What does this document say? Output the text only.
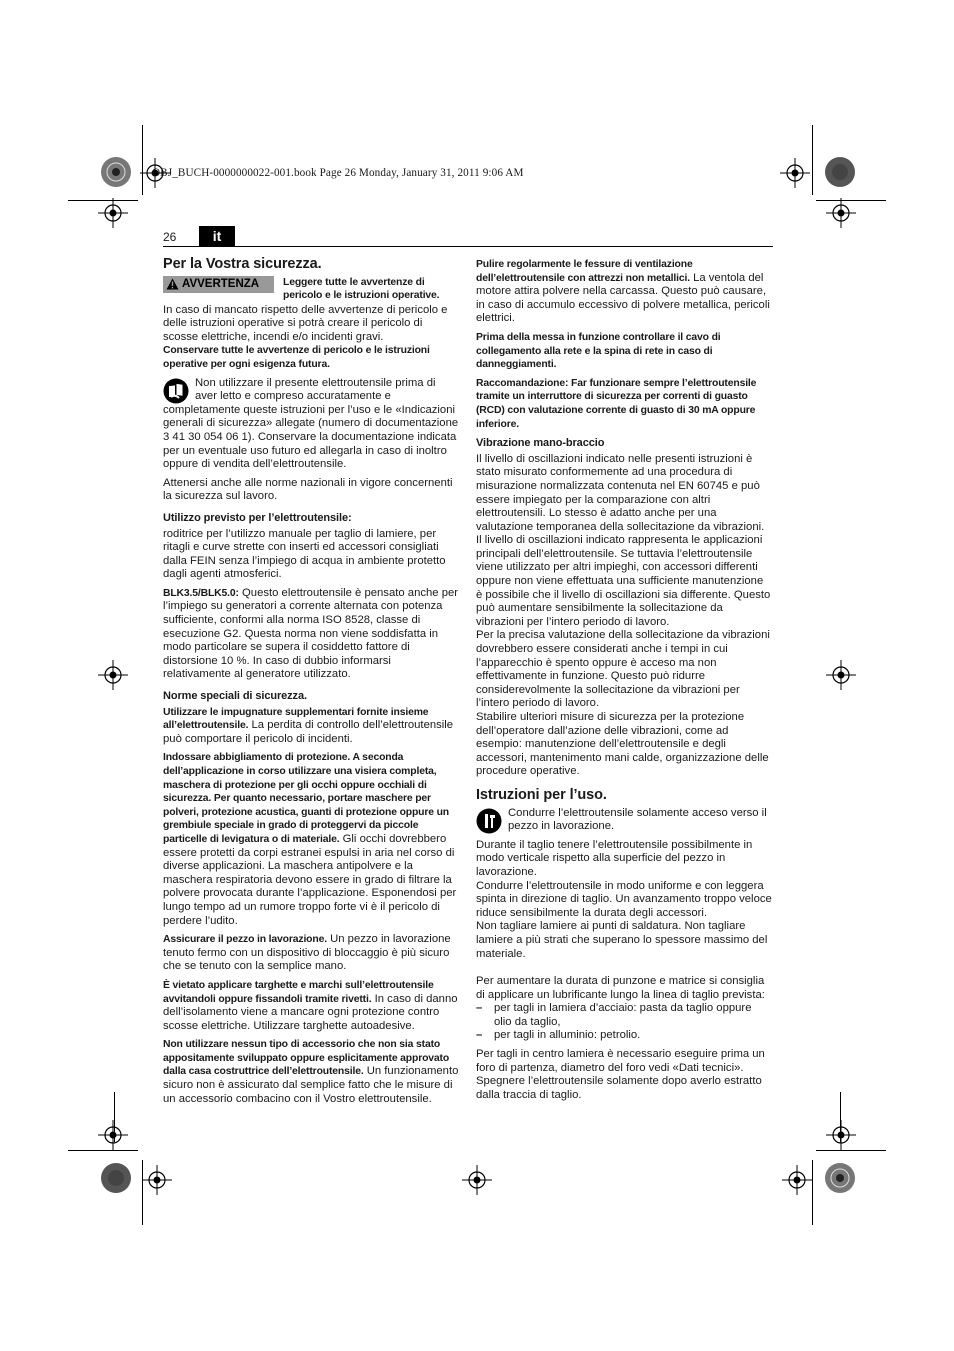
OBJ_BUCH-0000000022-001.book Page 26 Monday, January 31, 2011 9:06 AM
26	it
Per la Vostra sicurezza.
AVVERTENZA Leggere tutte le avvertenze di pericolo e le istruzioni operative.

In caso di mancato rispetto delle avvertenze di pericolo e delle istruzioni operative si potrà creare il pericolo di scosse elettriche, incendi e/o incidenti gravi.

Conservare tutte le avvertenze di pericolo e le istruzioni operative per ogni esigenza futura.

Non utilizzare il presente elettroutensile prima di aver letto e compreso accuratamente e completamente queste istruzioni per l’uso e le «Indicazioni generali di sicurezza» allegate (numero di documentazione 3 41 30 054 06 1). Conservare la documentazione indicata per un eventuale uso futuro ed allegarla in caso di inoltro oppure di vendita dell’elettroutensile.

Attenersi anche alle norme nazionali in vigore concernenti la sicurezza sul lavoro.

Utilizzo previsto per l’elettroutensile:

roditrice per l’utilizzo manuale per taglio di lamiere, per ritagli e curve strette con inserti ed accessori consigliati dalla FEIN senza l’impiego di acqua in ambiente protetto dagli agenti atmosferici.

BLK3.5/BLK5.0: Questo elettroutensile è pensato anche per l’impiego su generatori a corrente alternata con potenza sufficiente, conformi alla norma ISO 8528, classe di esecuzione G2. Questa norma non viene soddisfatta in modo particolare se supera il cosiddetto fattore di distorsione 10 %. In caso di dubbio informarsi relativamente al generatore utilizzato.

Norme speciali di sicurezza.

Utilizzare le impugnature supplementari fornite insieme all’elettroutensile. La perdita di controllo dell’elettroutensile può comportare il pericolo di incidenti.

Indossare abbigliamento di protezione. A seconda dell’applicazione in corso utilizzare una visiera completa, maschera di protezione per gli occhi oppure occhiali di sicurezza. Per quanto necessario, portare maschere per polveri, protezione acustica, guanti di protezione oppure un grembiule speciale in grado di proteggervi da piccole particelle di levigatura o di materiale. Gli occhi dovrebbero essere protetti da corpi estranei espulsi in aria nel corso di diverse applicazioni. La maschera antipolvere e la maschera respiratoria devono essere in grado di filtrare la polvere provocata durante l’applicazione. Esponendosi per lungo tempo ad un rumore troppo forte vi è il pericolo di perdere l’udito.

Assicurare il pezzo in lavorazione. Un pezzo in lavorazione tenuto fermo con un dispositivo di bloccaggio è più sicuro che se tenuto con la semplice mano.

È vietato applicare targhette e marchi sull’elettroutensile avvitandoli oppure fissandoli tramite rivetti. In caso di danno dell’isolamento viene a mancare ogni protezione contro scosse elettriche. Utilizzare targhette autoadesive.

Non utilizzare nessun tipo di accessorio che non sia stato appositamente sviluppato oppure esplicitamente approvato dalla casa costruttrice dell’elettroutensile. Un funzionamento sicuro non è assicurato dal semplice fatto che le misure di un accessorio combacino con il Vostro elettroutensile.

Pulire regolarmente le fessure di ventilazione dell’elettroutensile con attrezzi non metallici. La ventola del motore attira polvere nella carcassa. Questo può causare, in caso di accumulo eccessivo di polvere metallica, pericoli elettrici.

Prima della messa in funzione controllare il cavo di collegamento alla rete e la spina di rete in caso di danneggiamenti.

Raccomandazione: Far funzionare sempre l’elettroutensile tramite un interruttore di sicurezza per correnti di guasto (RCD) con valutazione corrente di guasto di 30 mA oppure inferiore.

Vibrazione mano-braccio

Il livello di oscillazioni indicato nelle presenti istruzioni è stato misurato conformemente ad una procedura di misurazione normalizzata contenuta nel EN 60745 e può essere impiegato per la comparazione con altri elettroutensili. Lo stesso è adatto anche per una valutazione temporanea della sollecitazione da vibrazioni.

Il livello di oscillazioni indicato rappresenta le applicazioni principali dell’elettroutensile. Se tuttavia l’elettroutensile viene utilizzato per altri impieghi, con accessori differenti oppure non viene effettuata una sufficiente manutenzione è possibile che il livello di oscillazioni sia differente. Questo può aumentare sensibilmente la sollecitazione da vibrazioni per l’intero periodo di lavoro.

Per la precisa valutazione della sollecitazione da vibrazioni dovrebbero essere considerati anche i tempi in cui l’apparecchio è spento oppure è acceso ma non effettivamente in funzione. Questo può ridurre considerevolmente la sollecitazione da vibrazioni per l’intero periodo di lavoro.

Stabilire ulteriori misure di sicurezza per la protezione dell’operatore dall’azione delle vibrazioni, come ad esempio: manutenzione dell’elettroutensile e degli accessori, mantenimento mani calde, organizzazione delle procedure operative.

Istruzioni per l’uso.

Condurre l’elettroutensile solamente acceso verso il pezzo in lavorazione.

Durante il taglio tenere l’elettroutensile possibilmente in modo verticale rispetto alla superficie del pezzo in lavorazione.

Condurre l’elettroutensile in modo uniforme e con leggera spinta in direzione di taglio. Un avanzamento troppo veloce riduce sensibilmente la durata degli accessori.

Non tagliare lamiere ai punti di saldatura. Non tagliare lamiere a più strati che superano lo spessore massimo del materiale.

Per aumentare la durata di punzone e matrice si consiglia di applicare un lubrificante lungo la linea di taglio prevista:

– per tagli in lamiera d’acciaio: pasta da taglio oppure olio da taglio,
– per tagli in alluminio: petrolio.

Per tagli in centro lamiera è necessario eseguire prima un foro di partenza, diametro del foro vedi «Dati tecnici».

Spegnere l’elettroutensile solamente dopo averlo estratto dalla traccia di taglio.
